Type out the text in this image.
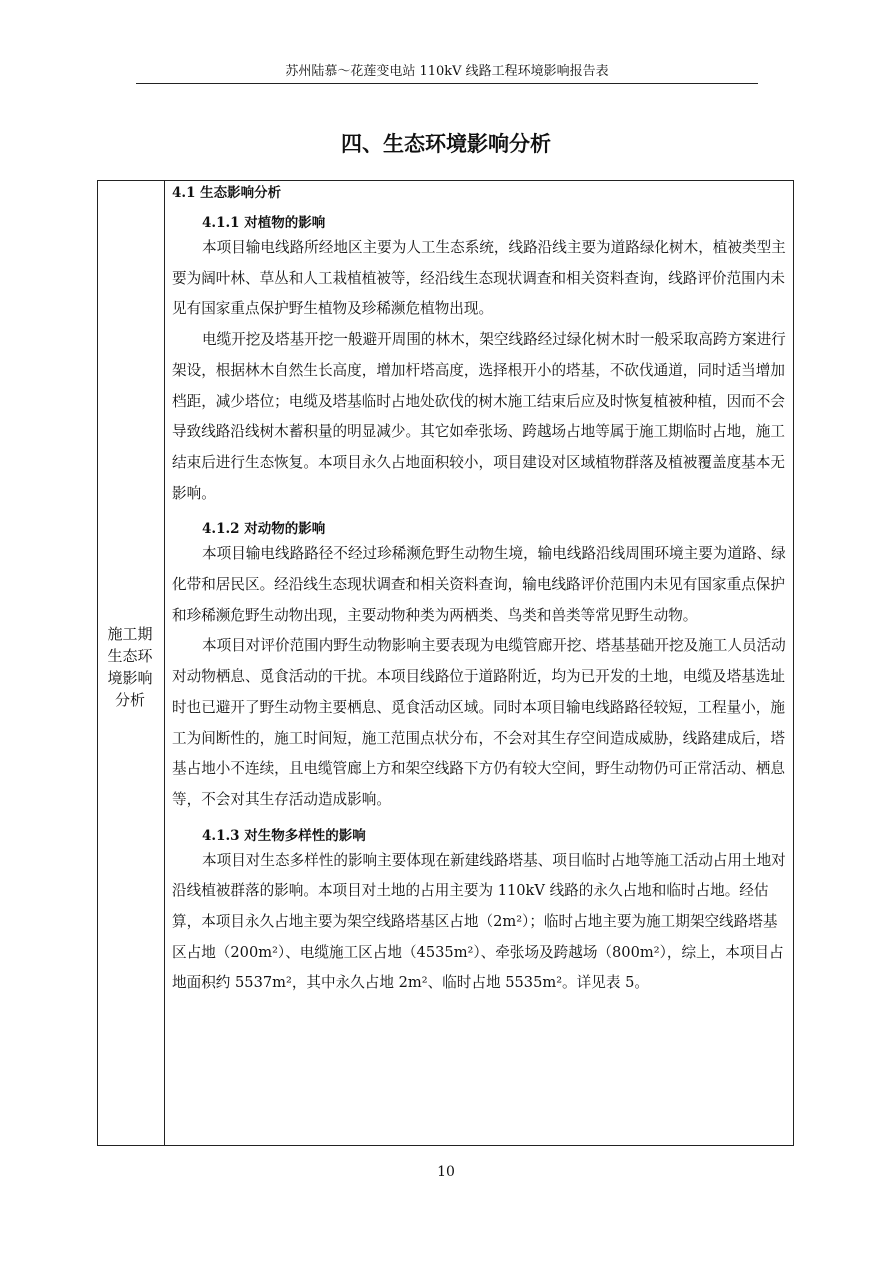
苏州陆慕～花莲变电站 110kV 线路工程环境影响报告表
四、生态环境影响分析
施工期生态环境影响分析
4.1 生态影响分析
4.1.1 对植物的影响

本项目输电线路所经地区主要为人工生态系统，线路沿线主要为道路绿化树木，植被类型主要为阔叶林、草丛和人工栽植植被等，经沿线生态现状调查和相关资料查询，线路评价范围内未见有国家重点保护野生植物及珍稀濒危植物出现。

电缆开挖及塔基开挖一般避开周围的林木，架空线路经过绿化树木时一般采取高跨方案进行架设，根据林木自然生长高度，增加杆塔高度，选择根开小的塔基，不砍伐通道，同时适当增加档距，减少塔位；电缆及塔基临时占地处砍伐的树木施工结束后应及时恢复植被种植，因而不会导致线路沿线树木蓄积量的明显减少。其它如牵张场、跨越场占地等属于施工期临时占地，施工结束后进行生态恢复。本项目永久占地面积较小，项目建设对区域植物群落及植被覆盖度基本无影响。

4.1.2 对动物的影响

本项目输电线路路径不经过珍稀濒危野生动物生境，输电线路沿线周围环境主要为道路、绿化带和居民区。经沿线生态现状调查和相关资料查询，输电线路评价范围内未见有国家重点保护和珍稀濒危野生动物出现，主要动物种类为两栖类、鸟类和兽类等常见野生动物。

本项目对评价范围内野生动物影响主要表现为电缆管廊开挖、塔基基础开挖及施工人员活动对动物栖息、觅食活动的干扰。本项目线路位于道路附近，均为已开发的土地，电缆及塔基选址时也已避开了野生动物主要栖息、觅食活动区域。同时本项目输电线路路径较短，工程量小，施工为间断性的，施工时间短，施工范围点状分布，不会对其生存空间造成威胁，线路建成后，塔基占地小不连续，且电缆管廊上方和架空线路下方仍有较大空间，野生动物仍可正常活动、栖息等，不会对其生存活动造成影响。

4.1.3 对生物多样性的影响

本项目对生态多样性的影响主要体现在新建线路塔基、项目临时占地等施工活动占用土地对沿线植被群落的影响。本项目对土地的占用主要为 110kV 线路的永久占地和临时占地。经估算，本项目永久占地主要为架空线路塔基区占地（2m²）；临时占地主要为施工期架空线路塔基区占地（200m²）、电缆施工区占地（4535m²）、牵张场及跨越场（800m²），综上，本项目占地面积约 5537m²，其中永久占地 2m²、临时占地 5535m²。详见表 5。

10
